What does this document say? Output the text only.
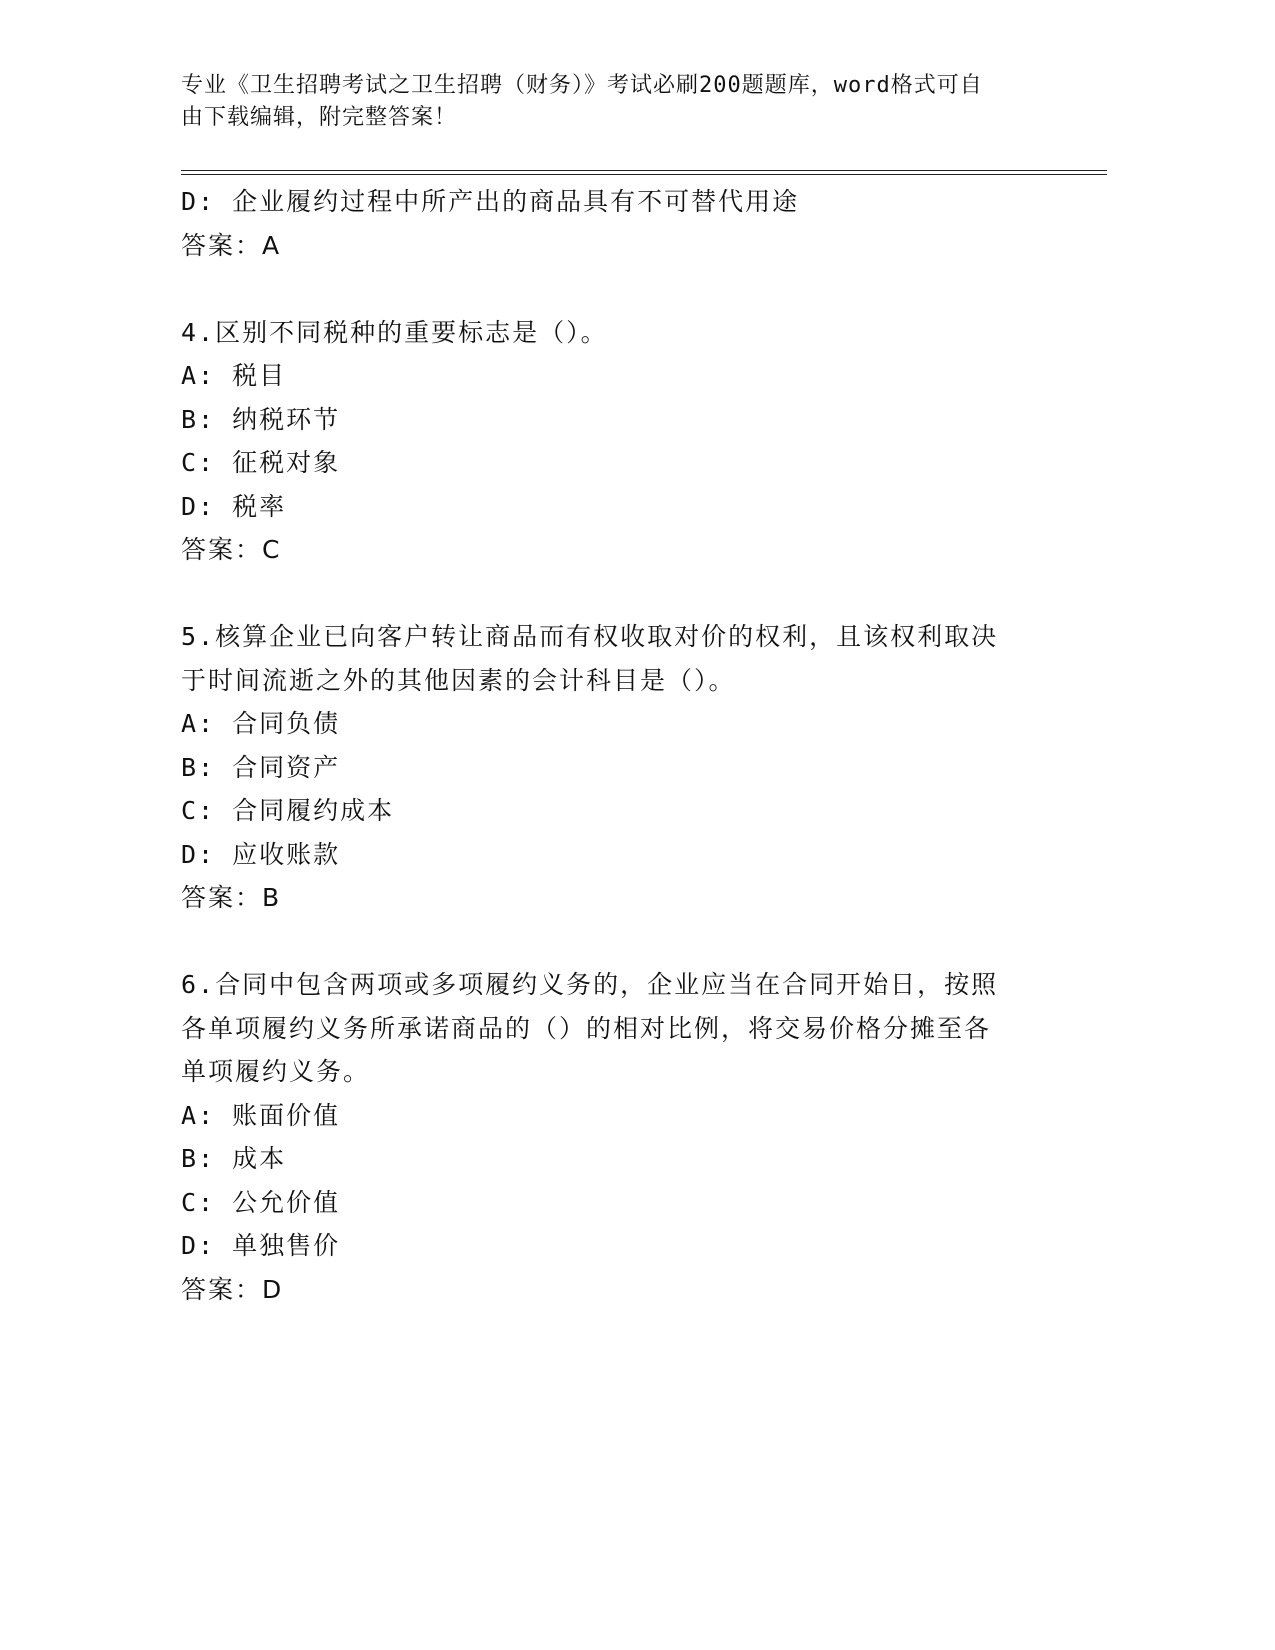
专业《卫生招聘考试之卫生招聘（财务）》考试必刷200题题库，word格式可自
由下载编辑，附完整答案！
D: 企业履约过程中所产出的商品具有不可替代用途
答案：A
4.区别不同税种的重要标志是（）。
A: 税目
B: 纳税环节
C: 征税对象
D: 税率
答案：C
5.核算企业已向客户转让商品而有权收取对价的权利，且该权利取决
于时间流逝之外的其他因素的会计科目是（）。
A: 合同负债
B: 合同资产
C: 合同履约成本
D: 应收账款
答案：B
6.合同中包含两项或多项履约义务的，企业应当在合同开始日，按照
各单项履约义务所承诺商品的（）的相对比例，将交易价格分摊至各
单项履约义务。
A: 账面价值
B: 成本
C: 公允价值
D: 单独售价
答案：D
